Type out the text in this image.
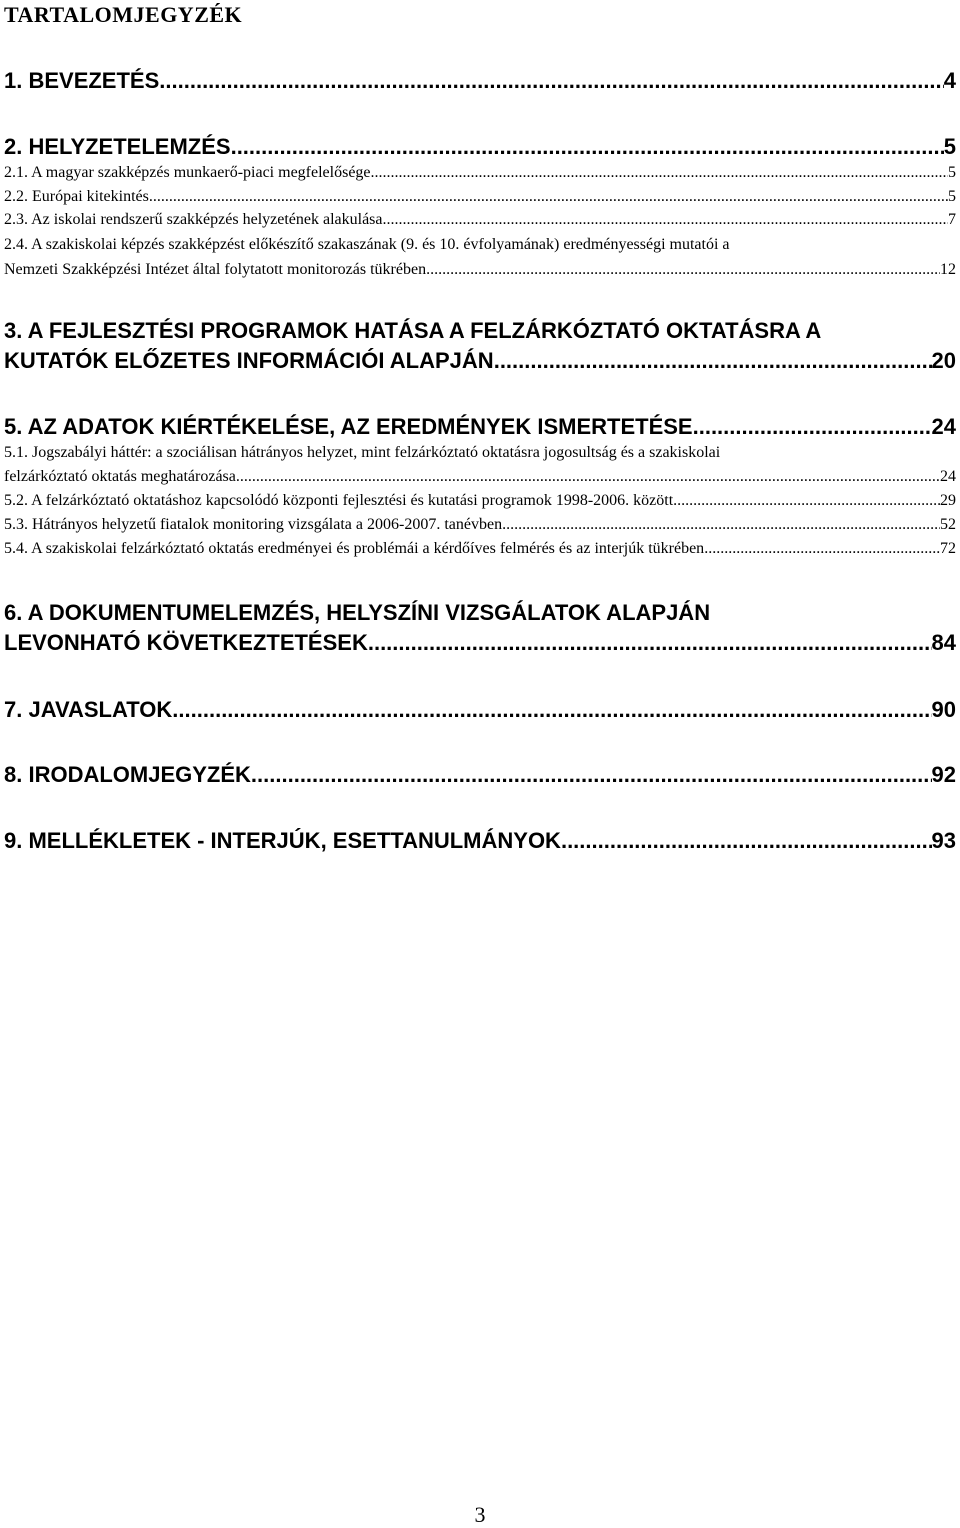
TARTALOMJEGYZÉK
1. BEVEZETÉS .....	4
2. HELYZETELEMZÉS .....	5
2.1. A magyar szakképzés munkaerő-piaci megfelelősége .....	5
2.2. Európai kitekintés .....	5
2.3. Az iskolai rendszerű szakképzés helyzetének alakulása .....	7
2.4. A szakiskolai képzés szakképzést előkészítő szakaszának (9. és 10. évfolyamának) eredményességi mutatói a
Nemzeti Szakképzési Intézet által folytatott monitorozás tükrében .....	12
3. A FEJLESZTÉSI PROGRAMOK HATÁSA A FELZÁRKÓZTATÓ OKTATÁSRA A
KUTATÓK ELŐZETES INFORMÁCIÓI ALAPJÁN .....	20
5. AZ ADATOK KIÉRTÉKELÉSE, AZ EREDMÉNYEK ISMERTETÉSE .....	24
5.1. Jogszabályi háttér: a szociálisan hátrányos helyzet, mint felzárkóztató oktatásra jogosultság és a szakiskolai
felzárkóztató oktatás meghatározása .....	24
5.2. A felzárkóztató oktatáshoz kapcsolódó központi fejlesztési és kutatási programok 1998-2006. között .....	29
5.3. Hátrányos helyzetű fiatalok monitoring vizsgálata a 2006-2007. tanévben .....	52
5.4. A szakiskolai felzárkóztató oktatás eredményei és problémái a kérdőíves felmérés és az interjúk tükrében .....	72
6. A DOKUMENTUMELEMZÉS, HELYSZÍNI VIZSGÁLATOK ALAPJÁN
LEVONHATÓ KÖVETKEZTETÉSEK .....	84
7. JAVASLATOK .....	90
8. IRODALOMJEGYZÉK .....	92
9. MELLÉKLETEK - INTERJÚK, ESETTANULMÁNYOK .....	93
3
